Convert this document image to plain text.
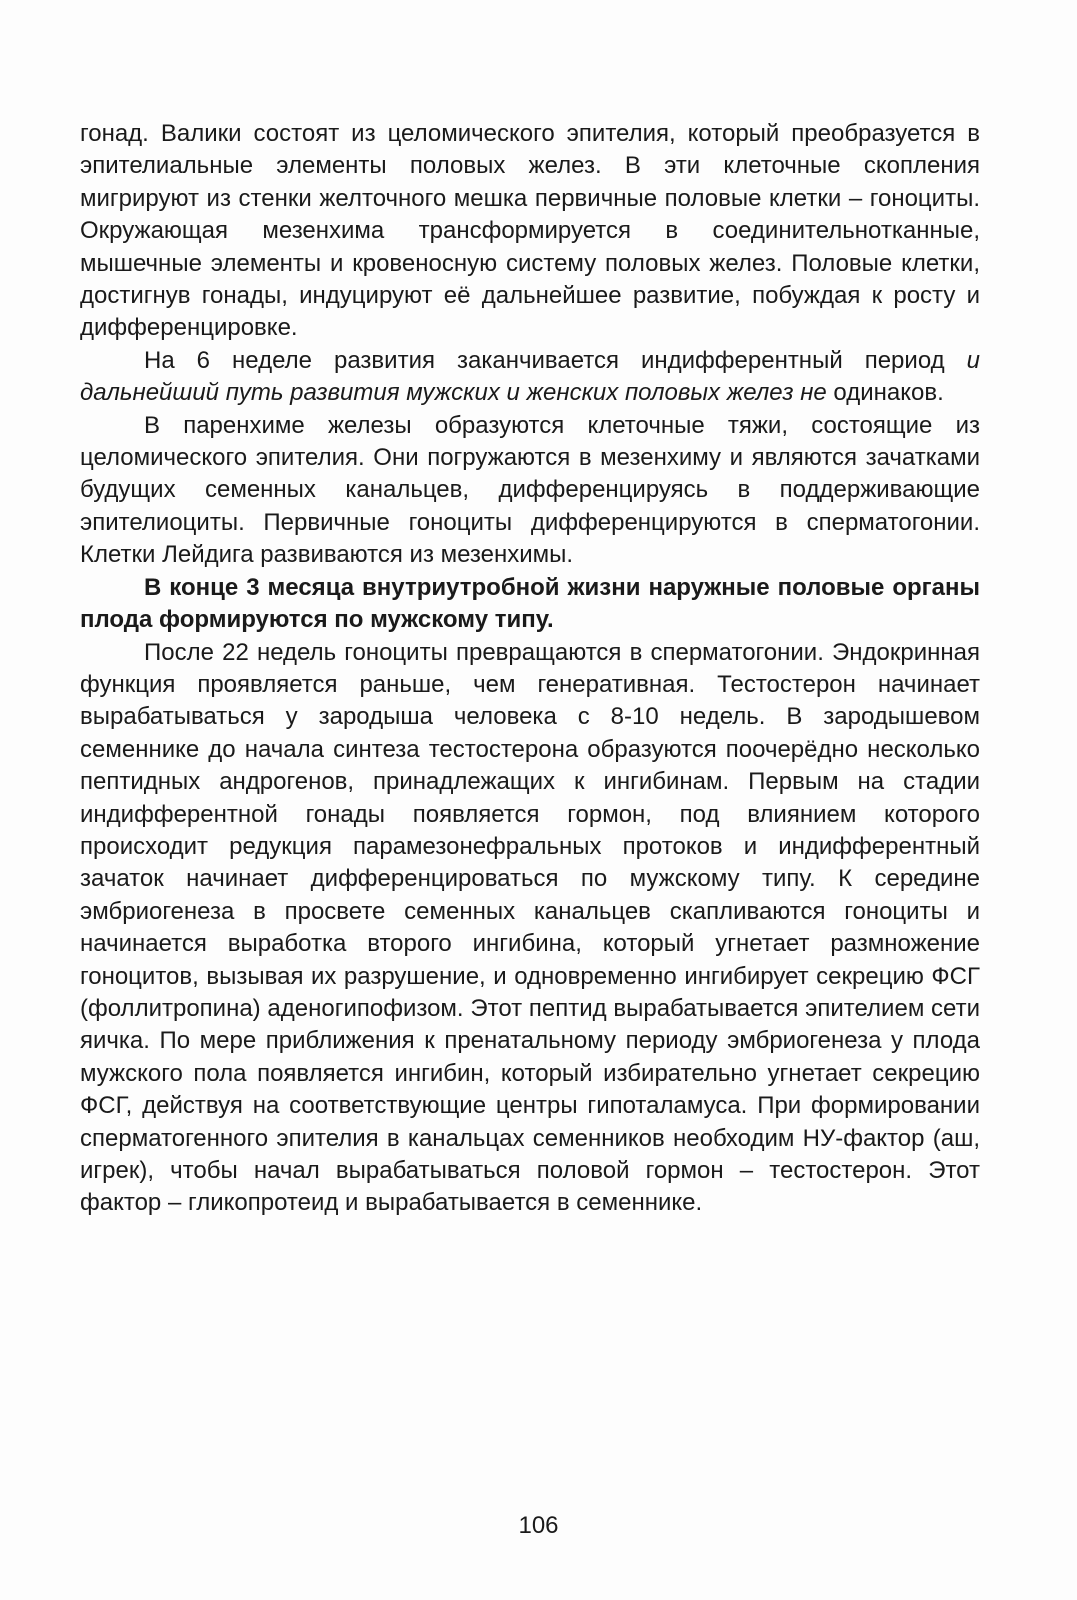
гонад. Валики состоят из целомического эпителия, который преобразуется в эпителиальные элементы половых желез. В эти клеточные скопления мигрируют из стенки желточного мешка первичные половые клетки – гоноциты. Окружающая мезенхима трансформируется в соединительнотканные, мышечные элементы и кровеносную систему половых желез. Половые клетки, достигнув гонады, индуцируют её дальнейшее развитие, побуждая к росту и дифференцировке.

На 6 неделе развития заканчивается индифферентный период и дальнейший путь развития мужских и женских половых желез не одинаков.

В паренхиме железы образуются клеточные тяжи, состоящие из целомического эпителия. Они погружаются в мезенхиму и являются зачатками будущих семенных канальцев, дифференцируясь в поддерживающие эпителиоциты. Первичные гоноциты дифференцируются в сперматогонии. Клетки Лейдига развиваются из мезенхимы.

В конце 3 месяца внутриутробной жизни наружные половые органы плода формируются по мужскому типу.

После 22 недель гоноциты превращаются в сперматогонии. Эндокринная функция проявляется раньше, чем генеративная. Тестостерон начинает вырабатываться у зародыша человека с 8-10 недель. В зародышевом семеннике до начала синтеза тестостерона образуются поочерёдно несколько пептидных андрогенов, принадлежащих к ингибинам. Первым на стадии индифферентной гонады появляется гормон, под влиянием которого происходит редукция парамезонефральных протоков и индифферентный зачаток начинает дифференцироваться по мужскому типу. К середине эмбриогенеза в просвете семенных канальцев скапливаются гоноциты и начинается выработка второго ингибина, который угнетает размножение гоноцитов, вызывая их разрушение, и одновременно ингибирует секрецию ФСГ (фоллитропина) аденогипофизом. Этот пептид вырабатывается эпителием сети яичка. По мере приближения к пренатальному периоду эмбриогенеза у плода мужского пола появляется ингибин, который избирательно угнетает секрецию ФСГ, действуя на соответствующие центры гипоталамуса. При формировании сперматогенного эпителия в канальцах семенников необходим НУ-фактор (аш, игрек), чтобы начал вырабатываться половой гормон – тестостерон. Этот фактор – гликопротеид и вырабатывается в семеннике.

106
